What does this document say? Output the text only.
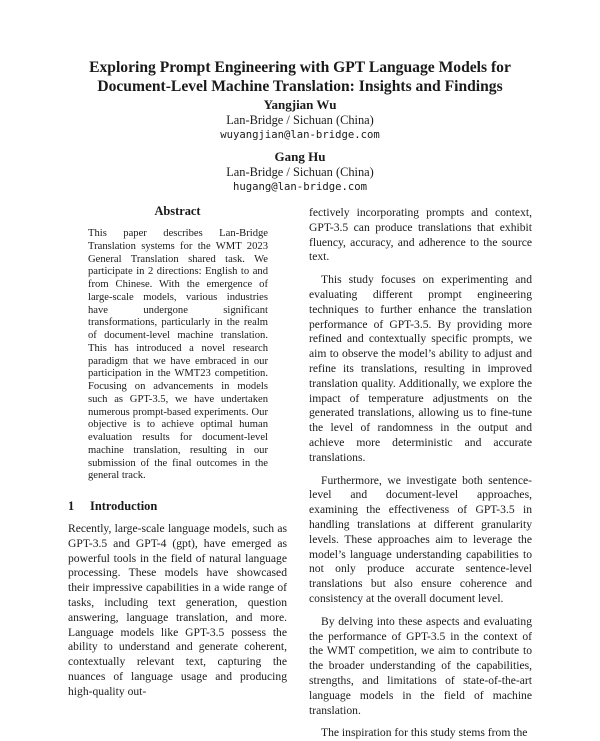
Exploring Prompt Engineering with GPT Language Models for Document-Level Machine Translation: Insights and Findings
Yangjian Wu
Lan-Bridge / Sichuan (China)
wuyangjian@lan-bridge.com
Gang Hu
Lan-Bridge / Sichuan (China)
hugang@lan-bridge.com
Abstract

This paper describes Lan-Bridge Translation systems for the WMT 2023 General Translation shared task. We participate in 2 directions: English to and from Chinese. With the emergence of large-scale models, various industries have undergone significant transformations, particularly in the realm of document-level machine translation. This has introduced a novel research paradigm that we have embraced in our participation in the WMT23 competition. Focusing on advancements in models such as GPT-3.5, we have undertaken numerous prompt-based experiments. Our objective is to achieve optimal human evaluation results for document-level machine translation, resulting in our submission of the final outcomes in the general track.

1 Introduction

Recently, large-scale language models, such as GPT-3.5 and GPT-4 (gpt), have emerged as powerful tools in the field of natural language processing. These models have showcased their impressive capabilities in a wide range of tasks, including text generation, question answering, language translation, and more. Language models like GPT-3.5 possess the ability to understand and generate coherent, contextually relevant text, capturing the nuances of language usage and producing high-quality out-

fectively incorporating prompts and context, GPT-3.5 can produce translations that exhibit fluency, accuracy, and adherence to the source text.

This study focuses on experimenting and evaluating different prompt engineering techniques to further enhance the translation performance of GPT-3.5. By providing more refined and contextually specific prompts, we aim to observe the model’s ability to adjust and refine its translations, resulting in improved translation quality. Additionally, we explore the impact of temperature adjustments on the generated translations, allowing us to fine-tune the level of randomness in the output and achieve more deterministic and accurate translations.

Furthermore, we investigate both sentence-level and document-level approaches, examining the effectiveness of GPT-3.5 in handling translations at different granularity levels. These approaches aim to leverage the model’s language understanding capabilities to not only produce accurate sentence-level translations but also ensure coherence and consistency at the overall document level.

By delving into these aspects and evaluating the performance of GPT-3.5 in the context of the WMT competition, we aim to contribute to the broader understanding of the capabilities, strengths, and limitations of state-of-the-art language models in the field of machine translation.

The inspiration for this study stems from the
